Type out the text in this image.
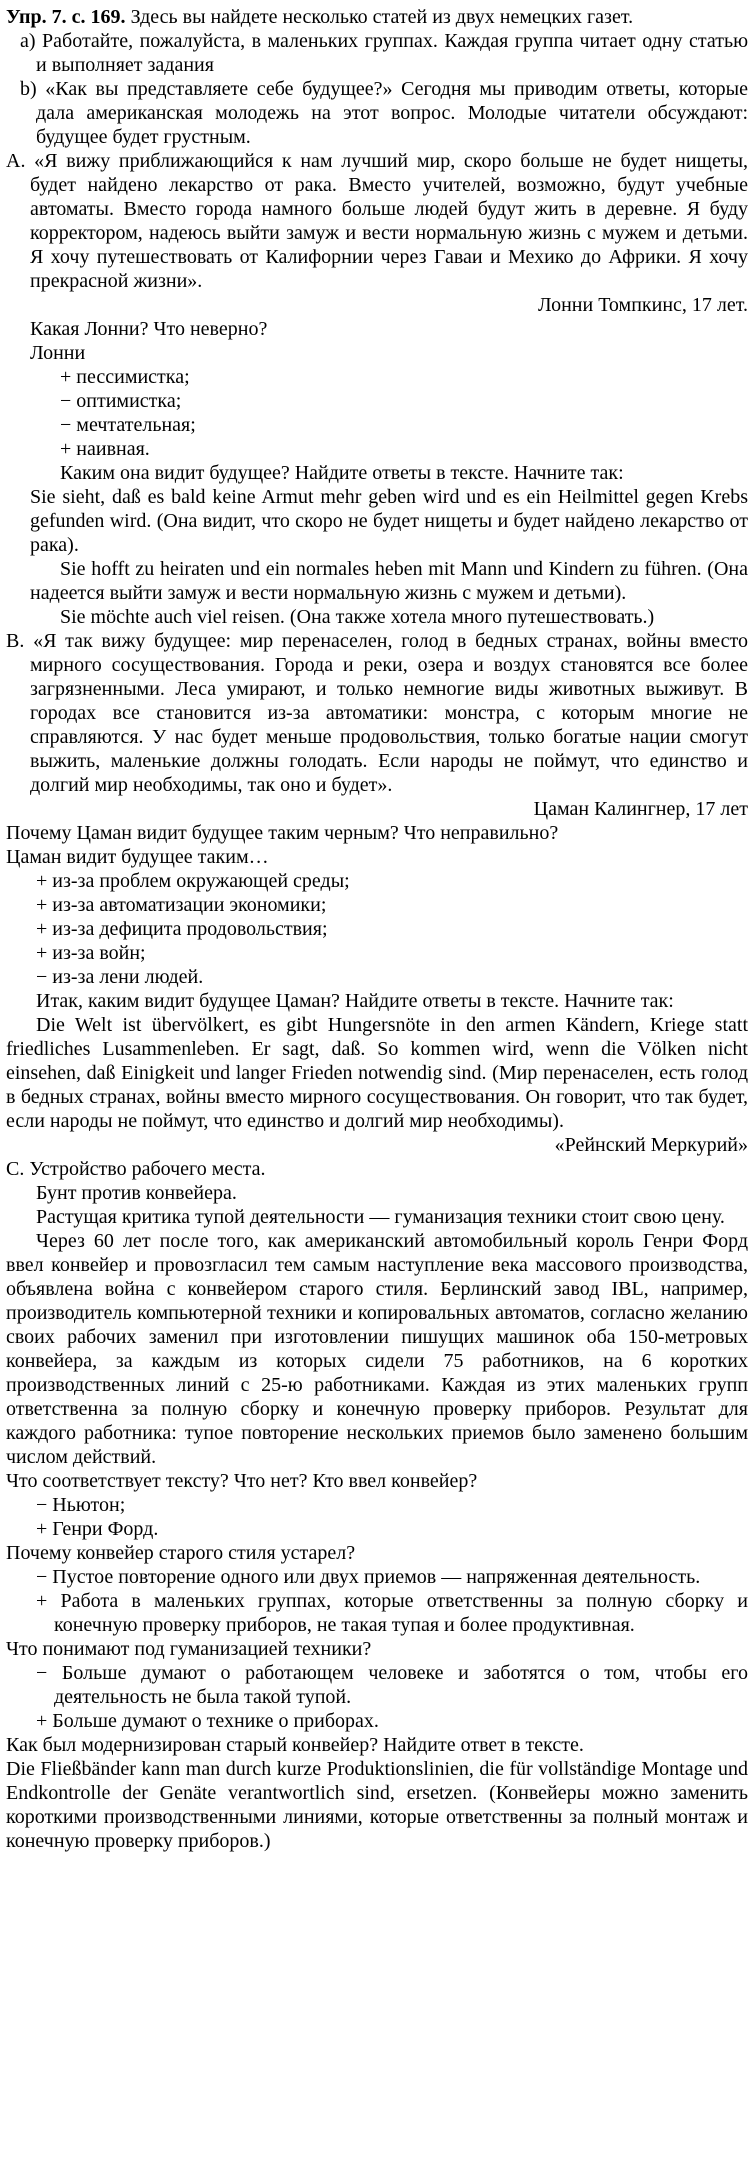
Упр. 7. с. 169. Здесь вы найдете несколько статей из двух немецких газет.

a) Работайте, пожалуйста, в маленьких группах. Каждая группа читает одну статью и выполняет задания

b) «Как вы представляете себе будущее?» Сегодня мы приводим ответы, которые дала американская молодежь на этот вопрос. Молодые читатели обсуждают: будущее будет грустным.

A. «Я вижу приближающийся к нам лучший мир, скоро больше не будет нищеты, будет найдено лекарство от рака. Вместо учителей, возможно, будут учебные автоматы. Вместо города намного больше людей будут жить в деревне. Я буду корректором, надеюсь выйти замуж и вести нормальную жизнь с мужем и детьми. Я хочу путешествовать от Калифорнии через Гаваи и Мехико до Африки. Я хочу прекрасной жизни».

Лонни Томпкинс, 17 лет.

Какая Лонни? Что неверно?

Лонни

+ пессимистка;

− оптимистка;

− мечтательная;

+ наивная.

Каким она видит будущее? Найдите ответы в тексте. Начните так:

Sie sieht, daß es bald keine Armut mehr geben wird und es ein Heilmittel gegen Krebs gefunden wird. (Она видит, что скоро не будет нищеты и будет найдено лекарство от рака).

Sie hofft zu heiraten und ein normales heben mit Mann und Kindern zu führen. (Она надеется выйти замуж и вести нормальную жизнь с мужем и детьми).

Sie möchte auch viel reisen. (Она также хотела много путешествовать.)

B. «Я так вижу будущее: мир перенаселен, голод в бедных странах, войны вместо мирного сосуществования. Города и реки, озера и воздух становятся все более загрязненными. Леса умирают, и только немногие виды животных выживут. В городах все становится из-за автоматики: монстра, с которым многие не справляются. У нас будет меньше продовольствия, только богатые нации смогут выжить, маленькие должны голодать. Если народы не поймут, что единство и долгий мир необходимы, так оно и будет».

Цаман Калингнер, 17 лет

Почему Цаман видит будущее таким черным? Что неправильно?

Цаман видит будущее таким…

+ из-за проблем окружающей среды;

+ из-за автоматизации экономики;

+ из-за дефицита продовольствия;

+ из-за войн;

− из-за лени людей.

Итак, каким видит будущее Цаман? Найдите ответы в тексте. Начните так:

Die Welt ist übervölkert, es gibt Hungersnöte in den armen Kändern, Kriege statt friedliches Lusammenleben. Er sagt, daß. So kommen wird, wenn die Völken nicht einsehen, daß Einigkeit und langer Frieden notwendig sind. (Мир перенаселен, есть голод в бедных странах, войны вместо мирного сосуществования. Он говорит, что так будет, если народы не поймут, что единство и долгий мир необходимы).

«Рейнский Меркурий»

C. Устройство рабочего места.

Бунт против конвейера.

Растущая критика тупой деятельности — гуманизация техники стоит свою цену.

Через 60 лет после того, как американский автомобильный король Генри Форд ввел конвейер и провозгласил тем самым наступление века массового производства, объявлена война с конвейером старого стиля. Берлинский завод IBL, например, производитель компьютерной техники и копировальных автоматов, согласно желанию своих рабочих заменил при изготовлении пишущих машинок оба 150-метровых конвейера, за каждым из которых сидели 75 работников, на 6 коротких производственных линий с 25-ю работниками. Каждая из этих маленьких групп ответственна за полную сборку и конечную проверку приборов. Результат для каждого работника: тупое повторение нескольких приемов было заменено большим числом действий.

Что соответствует тексту? Что нет? Кто ввел конвейер?

− Ньютон;

+ Генри Форд.

Почему конвейер старого стиля устарел?

− Пустое повторение одного или двух приемов — напряженная деятельность.

+ Работа в маленьких группах, которые ответственны за полную сборку и конечную проверку приборов, не такая тупая и более продуктивная.

Что понимают под гуманизацией техники?

− Больше думают о работающем человеке и заботятся о том, чтобы его деятельность не была такой тупой.

+ Больше думают о технике о приборах.

Как был модернизирован старый конвейер? Найдите ответ в тексте.

Die Fließbänder kann man durch kurze Produktionslinien, die für vollständige Montage und Endkontrolle der Genäte verantwortlich sind, ersetzen. (Конвейеры можно заменить короткими производственными линиями, которые ответственны за полный монтаж и конечную проверку приборов.)
